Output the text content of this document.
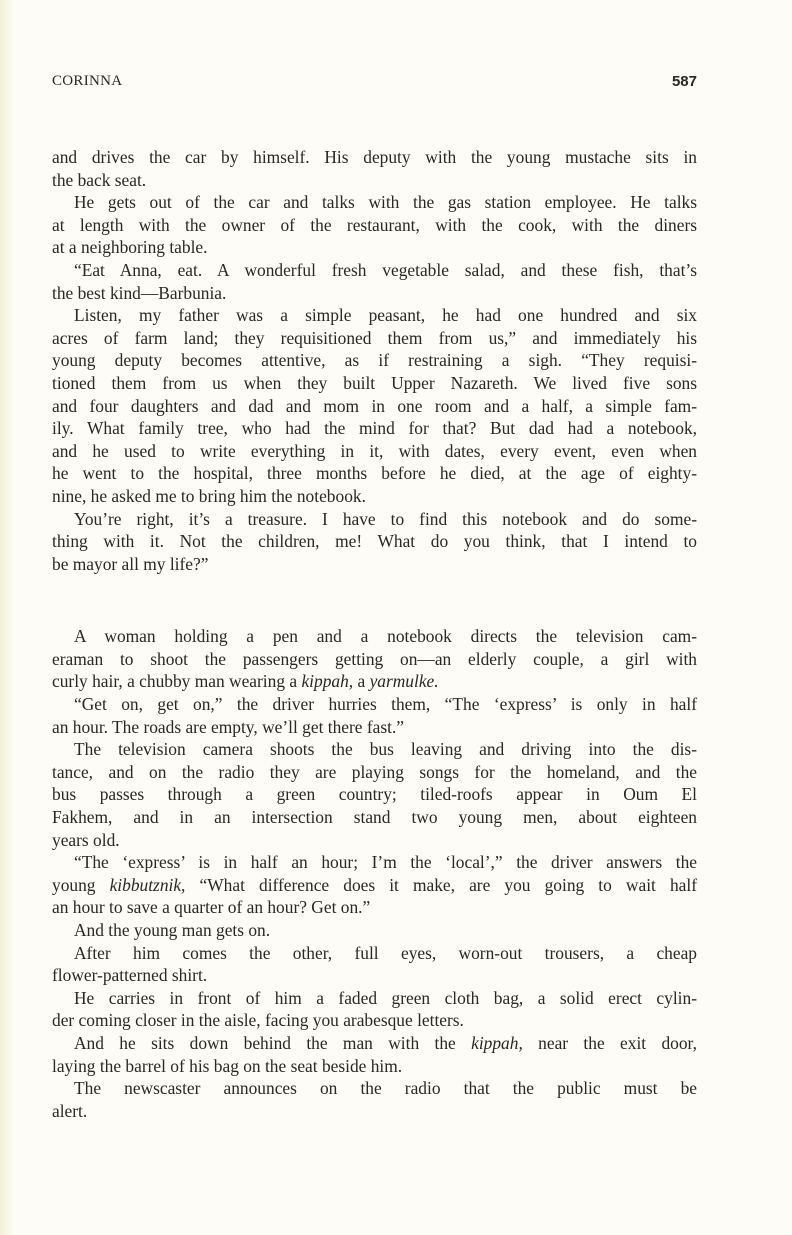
CORINNA	587
and drives the car by himself. His deputy with the young mustache sits in
the back seat.
He gets out of the car and talks with the gas station employee. He talks
at length with the owner of the restaurant, with the cook, with the diners
at a neighboring table.
“Eat Anna, eat. A wonderful fresh vegetable salad, and these fish, that’s
the best kind—Barbunia.
Listen, my father was a simple peasant, he had one hundred and six
acres of farm land; they requisitioned them from us,” and immediately his
young deputy becomes attentive, as if restraining a sigh. “They requisi-
tioned them from us when they built Upper Nazareth. We lived five sons
and four daughters and dad and mom in one room and a half, a simple fam-
ily. What family tree, who had the mind for that? But dad had a notebook,
and he used to write everything in it, with dates, every event, even when
he went to the hospital, three months before he died, at the age of eighty-
nine, he asked me to bring him the notebook.
You’re right, it’s a treasure. I have to find this notebook and do some-
thing with it. Not the children, me! What do you think, that I intend to
be mayor all my life?”
A woman holding a pen and a notebook directs the television cam-
eraman to shoot the passengers getting on—an elderly couple, a girl with
curly hair, a chubby man wearing a kippah, a yarmulke.
“Get on, get on,” the driver hurries them, “The ‘express’ is only in half
an hour. The roads are empty, we’ll get there fast.”
The television camera shoots the bus leaving and driving into the dis-
tance, and on the radio they are playing songs for the homeland, and the
bus passes through a green country; tiled-roofs appear in Oum El
Fakhem, and in an intersection stand two young men, about eighteen
years old.
“The ‘express’ is in half an hour; I’m the ‘local’,” the driver answers the
young kibbutznik, “What difference does it make, are you going to wait half
an hour to save a quarter of an hour? Get on.”
And the young man gets on.
After him comes the other, full eyes, worn-out trousers, a cheap
flower-patterned shirt.
He carries in front of him a faded green cloth bag, a solid erect cylin-
der coming closer in the aisle, facing you arabesque letters.
And he sits down behind the man with the kippah, near the exit door,
laying the barrel of his bag on the seat beside him.
The newscaster announces on the radio that the public must be
alert.
